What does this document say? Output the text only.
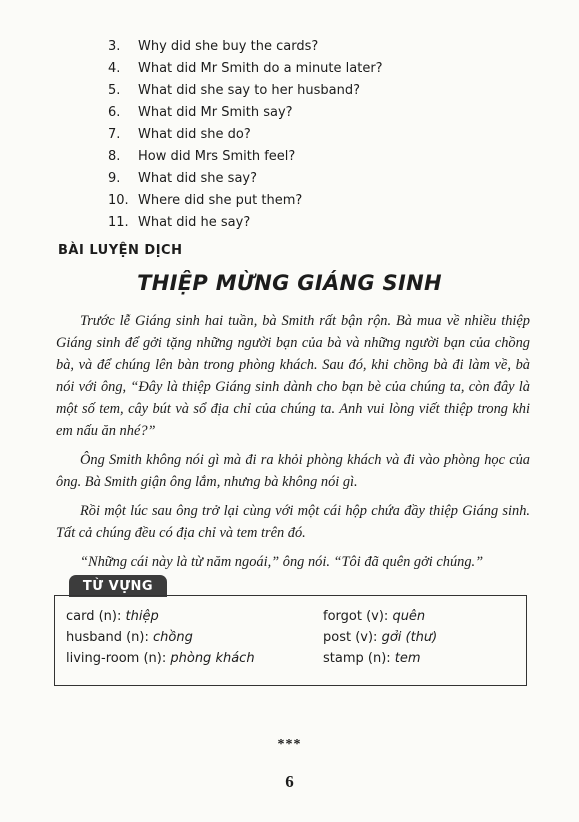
3. Why did she buy the cards?
4. What did Mr Smith do a minute later?
5. What did she say to her husband?
6. What did Mr Smith say?
7. What did she do?
8. How did Mrs Smith feel?
9. What did she say?
10. Where did she put them?
11. What did he say?
BÀI LUYỆN DỊCH
THIỆP MỪNG GIÁNG SINH

Trước lễ Giáng sinh hai tuần, bà Smith rất bận rộn. Bà mua về nhiều thiệp Giáng sinh để gởi tặng những người bạn của bà và những người bạn của chồng bà, và để chúng lên bàn trong phòng khách. Sau đó, khi chồng bà đi làm về, bà nói với ông, “Đây là thiệp Giáng sinh dành cho bạn bè của chúng ta, còn đây là một số tem, cây bút và sổ địa chỉ của chúng ta. Anh vui lòng viết thiệp trong khi em nấu ăn nhé?”

Ông Smith không nói gì mà đi ra khỏi phòng khách và đi vào phòng học của ông. Bà Smith giận ông lắm, nhưng bà không nói gì.

Rồi một lúc sau ông trở lại cùng với một cái hộp chứa đầy thiệp Giáng sinh. Tất cả chúng đều có địa chỉ và tem trên đó.

“Những cái này là từ năm ngoái,” ông nói. “Tôi đã quên gởi chúng.”

TỪ VỰNG
card (n): thiệp
husband (n): chồng
living-room (n): phòng khách
forgot (v): quên
post (v): gởi (thư)
stamp (n): tem
***
6
